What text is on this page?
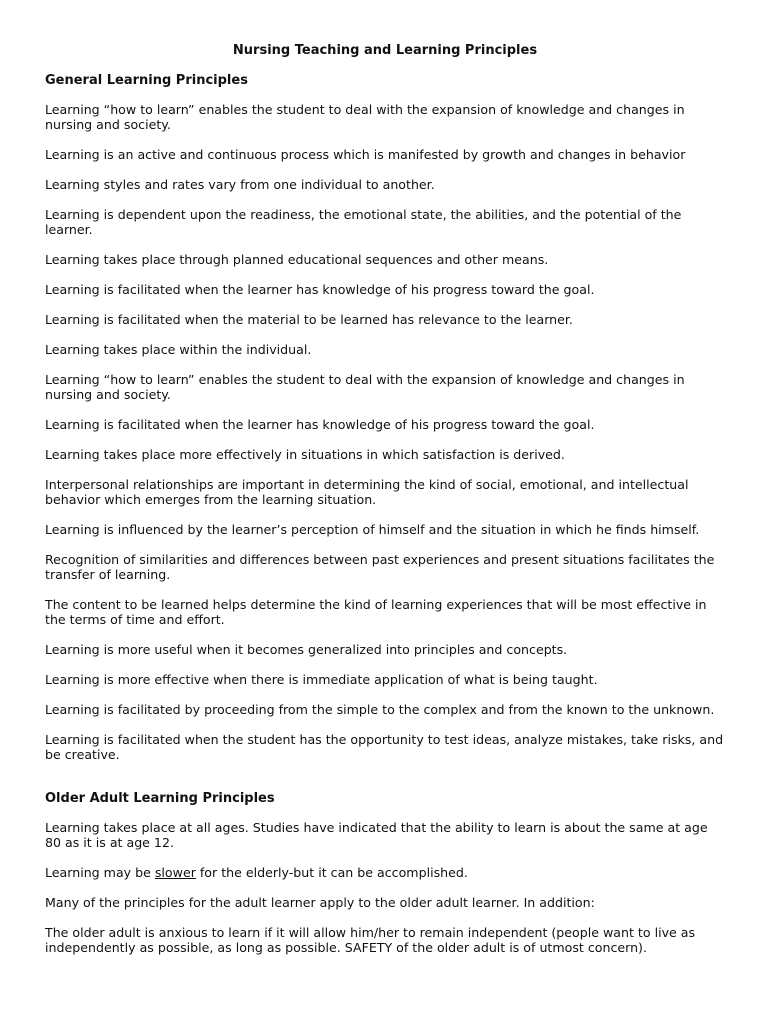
Nursing Teaching and Learning Principles
General Learning Principles
Learning “how to learn” enables the student to deal with the expansion of knowledge and changes in nursing and society.
Learning is an active and continuous process which is manifested by growth and changes in behavior
Learning styles and rates vary from one individual to another.
Learning is dependent upon the readiness, the emotional state, the abilities, and the potential of the learner.
Learning takes place through planned educational sequences and other means.
Learning is facilitated when the learner has knowledge of his progress toward the goal.
Learning is facilitated when the material to be learned has relevance to the learner.
Learning takes place within the individual.
Learning “how to learn” enables the student to deal with the expansion of knowledge and changes in nursing and society.
Learning is facilitated when the learner has knowledge of his progress toward the goal.
Learning takes place more effectively in situations in which satisfaction is derived.
Interpersonal relationships are important in determining the kind of social, emotional, and intellectual behavior which emerges from the learning situation.
Learning is influenced by the learner’s perception of himself and the situation in which he finds himself.
Recognition of similarities and differences between past experiences and present situations facilitates the transfer of learning.
The content to be learned helps determine the kind of learning experiences that will be most effective in the terms of time and effort.
Learning is more useful when it becomes generalized into principles and concepts.
Learning is more effective when there is immediate application of what is being taught.
Learning is facilitated by proceeding from the simple to the complex and from the known to the unknown.
Learning is facilitated when the student has the opportunity to test ideas, analyze mistakes, take risks, and be creative.
Older Adult Learning Principles
Learning takes place at all ages. Studies have indicated that the ability to learn is about the same at age 80 as it is at age 12.
Learning may be slower for the elderly-but it can be accomplished.
Many of the principles for the adult learner apply to the older adult learner. In addition:
The older adult is anxious to learn if it will allow him/her to remain independent (people want to live as independently as possible, as long as possible. SAFETY of the older adult is of utmost concern).
